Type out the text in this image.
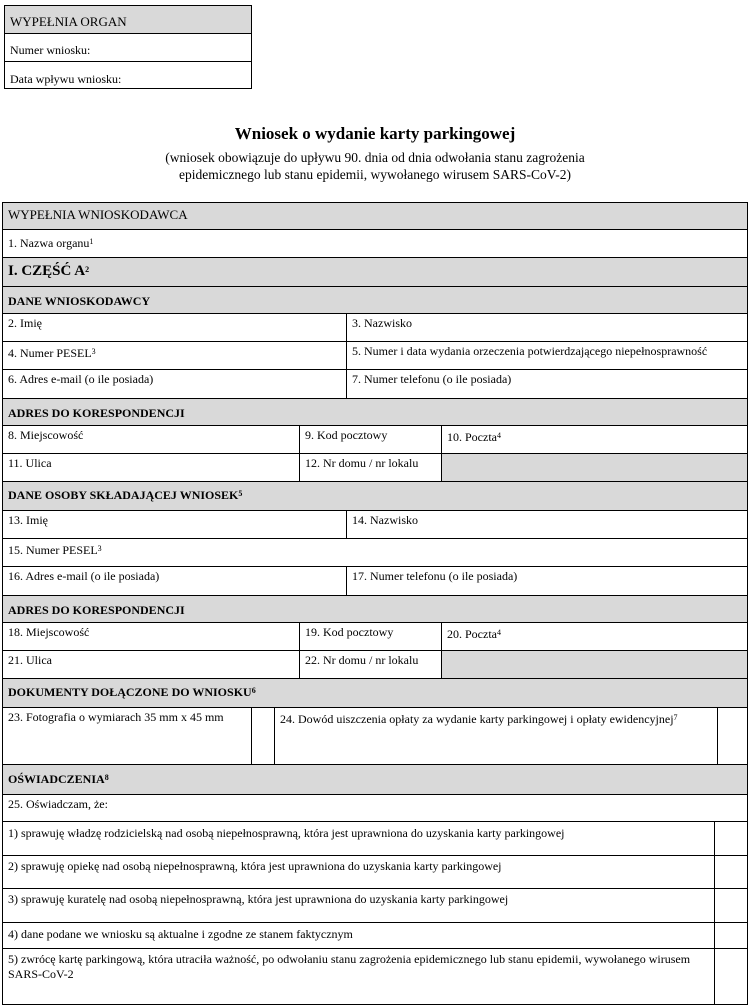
WYPEŁNIA ORGAN
Numer wniosku:
Data wpływu wniosku:
Wniosek o wydanie karty parkingowej
(wniosek obowiązuje do upływu 90. dnia od dnia odwołania stanu zagrożenia
epidemicznego lub stanu epidemii, wywołanego wirusem SARS-CoV-2)
WYPEŁNIA WNIOSKODAWCA
1. Nazwa organu$^1$
I. CZĘŚĆ $A^2$
DANE WNIOSKODAWCY
2. Imię	3. Nazwisko
4. Numer PESEL$^3$	5. Numer i data wydania orzeczenia potwierdzającego niepełnosprawność
6. Adres e-mail (o ile posiada)	7. Numer telefonu (o ile posiada)
ADRES DO KORESPONDENCJI
8. Miejscowość	9. Kod pocztowy	10. Poczta$^4$
11. Ulica	12. Nr domu / nr lokalu
DANE OSOBY SKŁADAJĄCEJ WNIOSEK$^5$
13. Imię	14. Nazwisko
15. Numer PESEL$^3$
16. Adres e-mail (o ile posiada)	17. Numer telefonu (o ile posiada)
ADRES DO KORESPONDENCJI
18. Miejscowość	19. Kod pocztowy	20. Poczta$^4$
21. Ulica	22. Nr domu / nr lokalu
DOKUMENTY DOŁĄCZONE DO WNIOSKU$^6$
23. Fotografia o wymiarach 35 mm x 45 mm	24. Dowód uiszczenia opłaty za wydanie karty parkingowej i opłaty ewidencyjnej$^7$
OŚWIADCZENIA$^8$
25. Oświadczam, że:
1) sprawuję władzę rodzicielską nad osobą niepełnosprawną, która jest uprawniona do uzyskania karty parkingowej
2) sprawuję opiekę nad osobą niepełnosprawną, która jest uprawniona do uzyskania karty parkingowej
3) sprawuję kuratelę nad osobą niepełnosprawną, która jest uprawniona do uzyskania karty parkingowej
4) dane podane we wniosku są aktualne i zgodne ze stanem faktycznym
5) zwrócę kartę parkingową, która utraciła ważność, po odwołaniu stanu zagrożenia epidemicznego lub stanu epidemii, wywołanego wirusem SARS-CoV-2
